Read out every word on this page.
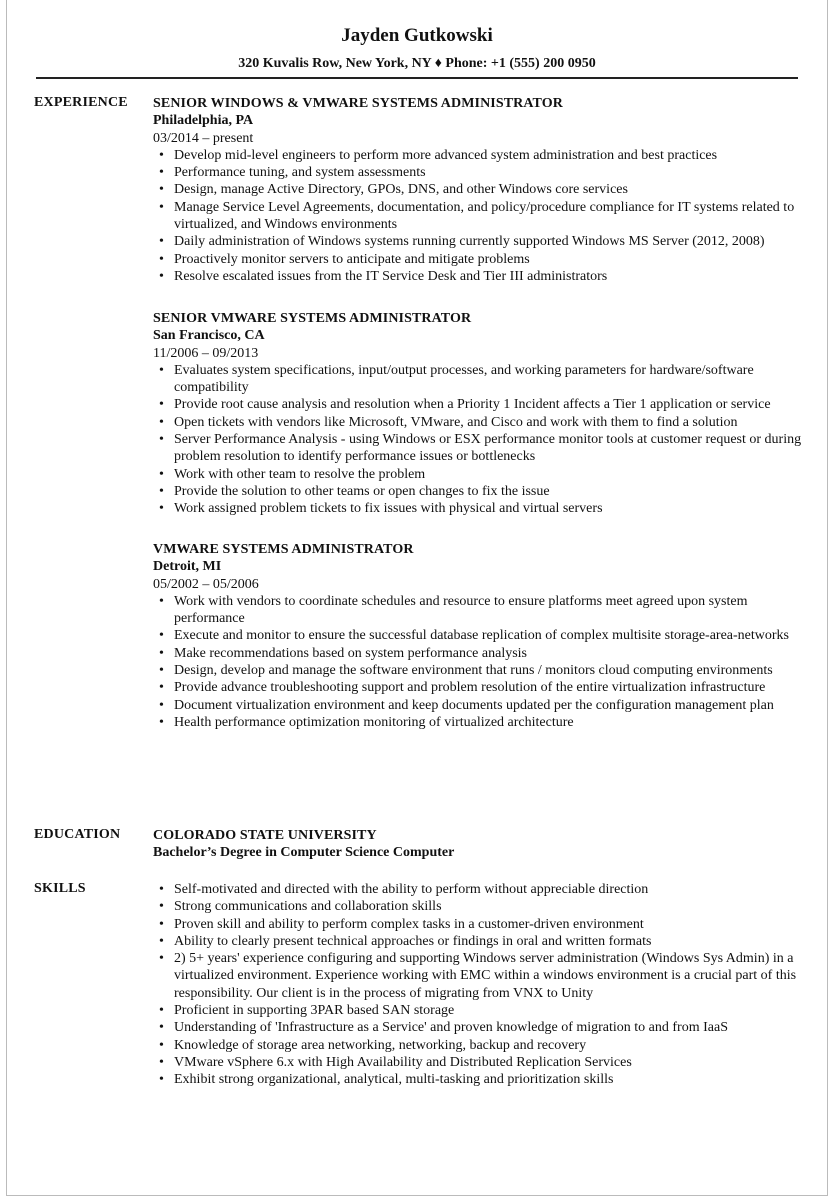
Jayden Gutkowski
320 Kuvalis Row, New York, NY ♦ Phone: +1 (555) 200 0950
EXPERIENCE SENIOR WINDOWS & VMWARE SYSTEMS ADMINISTRATOR
Philadelphia, PA
03/2014 – present
• Develop mid-level engineers to perform more advanced system administration and best practices
• Performance tuning, and system assessments
• Design, manage Active Directory, GPOs, DNS, and other Windows core services
• Manage Service Level Agreements, documentation, and policy/procedure compliance for IT systems related to virtualized, and Windows environments
• Daily administration of Windows systems running currently supported Windows MS Server (2012, 2008)
• Proactively monitor servers to anticipate and mitigate problems
• Resolve escalated issues from the IT Service Desk and Tier III administrators
SENIOR VMWARE SYSTEMS ADMINISTRATOR
San Francisco, CA
11/2006 – 09/2013
• Evaluates system specifications, input/output processes, and working parameters for hardware/software compatibility
• Provide root cause analysis and resolution when a Priority 1 Incident affects a Tier 1 application or service
• Open tickets with vendors like Microsoft, VMware, and Cisco and work with them to find a solution
• Server Performance Analysis - using Windows or ESX performance monitor tools at customer request or during problem resolution to identify performance issues or bottlenecks
• Work with other team to resolve the problem
• Provide the solution to other teams or open changes to fix the issue
• Work assigned problem tickets to fix issues with physical and virtual servers
VMWARE SYSTEMS ADMINISTRATOR
Detroit, MI
05/2002 – 05/2006
• Work with vendors to coordinate schedules and resource to ensure platforms meet agreed upon system performance
• Execute and monitor to ensure the successful database replication of complex multisite storage-area-networks
• Make recommendations based on system performance analysis
• Design, develop and manage the software environment that runs / monitors cloud computing environments
• Provide advance troubleshooting support and problem resolution of the entire virtualization infrastructure
• Document virtualization environment and keep documents updated per the configuration management plan
• Health performance optimization monitoring of virtualized architecture
EDUCATION COLORADO STATE UNIVERSITY
Bachelor’s Degree in Computer Science Computer
SKILLS
•	Self-motivated and directed with the ability to perform without appreciable direction
• Strong communications and collaboration skills
• Proven skill and ability to perform complex tasks in a customer-driven environment
• Ability to clearly present technical approaches or findings in oral and written formats
• 2) 5+ years' experience configuring and supporting Windows server administration (Windows Sys Admin) in a virtualized environment. Experience working with EMC within a windows environment is a crucial part of this responsibility. Our client is in the process of migrating from VNX to Unity
• Proficient in supporting 3PAR based SAN storage
• Understanding of 'Infrastructure as a Service' and proven knowledge of migration to and from IaaS
• Knowledge of storage area networking, networking, backup and recovery
• VMware vSphere 6.x with High Availability and Distributed Replication Services
• Exhibit strong organizational, analytical, multi-tasking and prioritization skills
